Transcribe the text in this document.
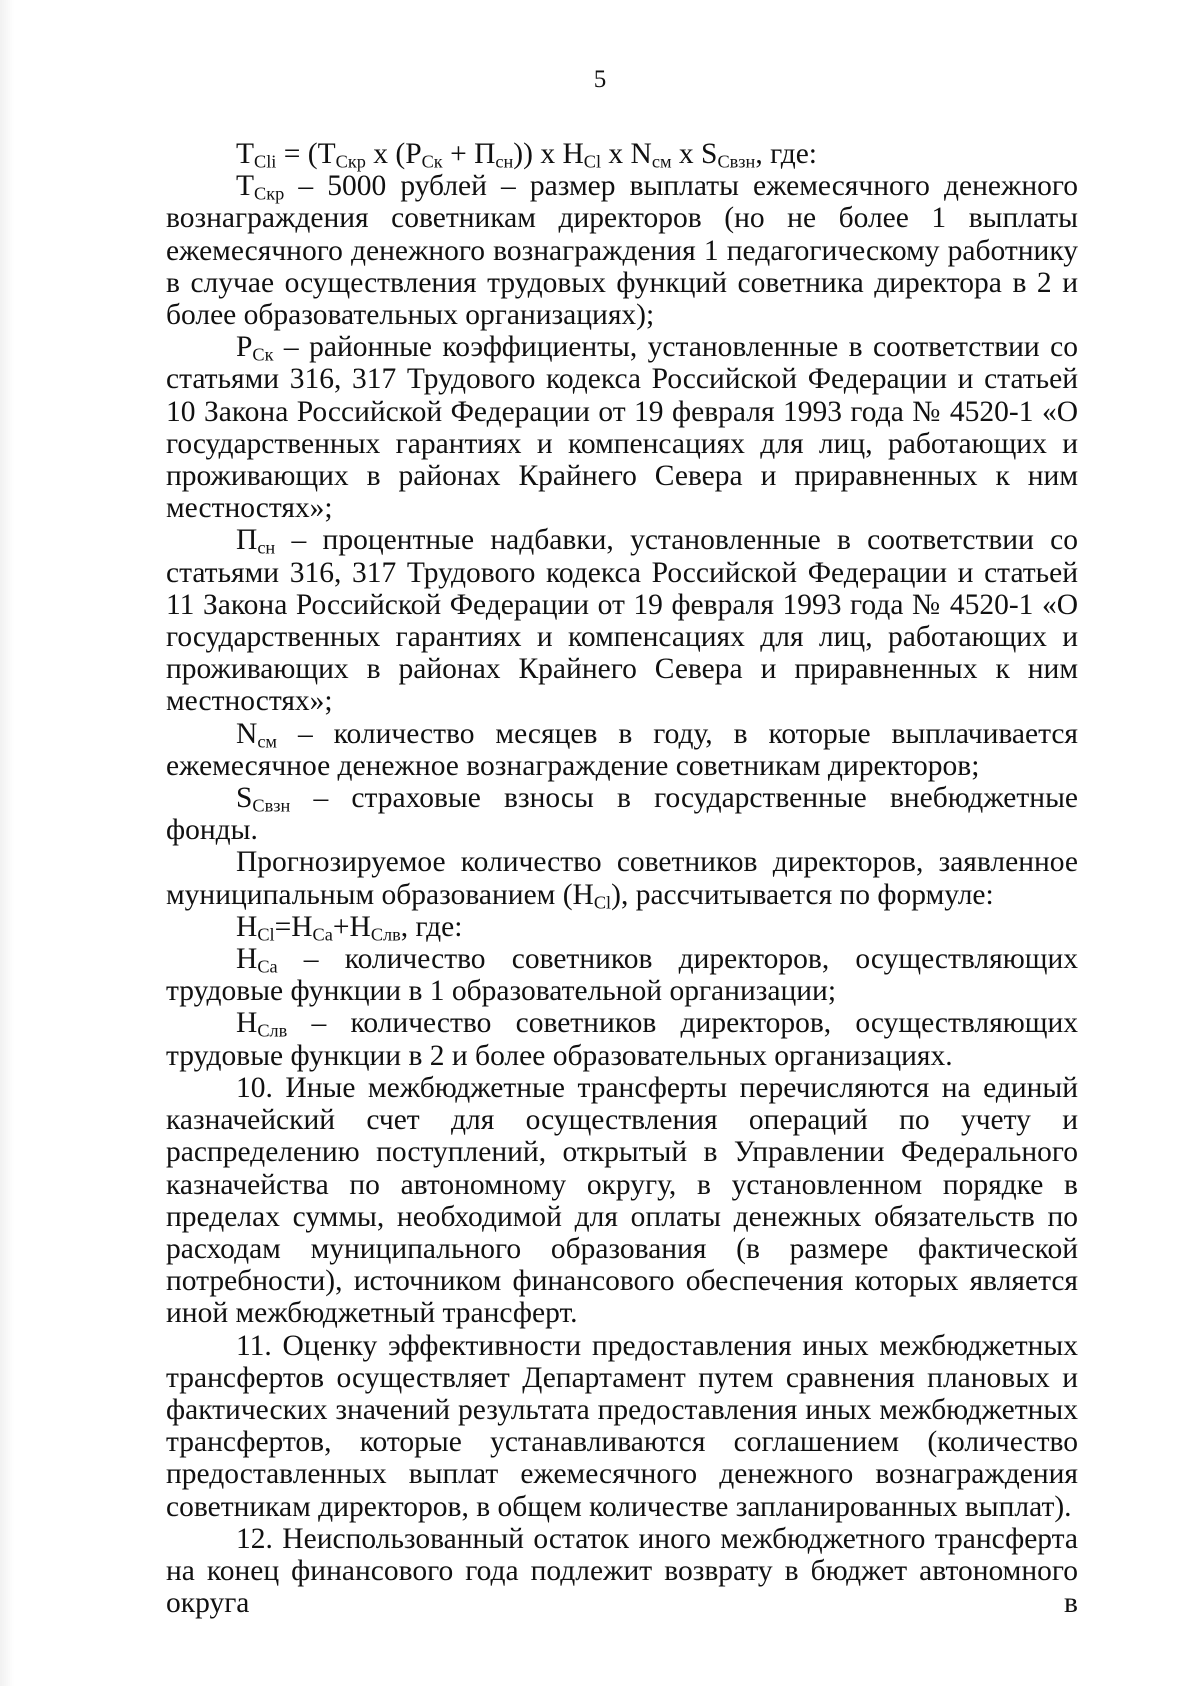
5

$Т_{Сli} = (Т_{Скр}$ х $(Р_{Ск} + П_{сн})$) х $Н_{Сl}$ х $N_{см}$ х $S_{Свзн}$, где:

$Т_{Скр} - 5000$ рублей – размер выплаты ежемесячного денежного вознаграждения советникам директоров (но не более 1 выплаты ежемесячного денежного вознаграждения 1 педагогическому работнику в случае осуществления трудовых функций советника директора в 2 и более образовательных организациях);

$Р_{Ск}$ – районные коэффициенты, установленные в соответствии со статьями 316, 317 Трудового кодекса Российской Федерации и статьей 10 Закона Российской Федерации от 19 февраля 1993 года № 4520-1 «О государственных гарантиях и компенсациях для лиц, работающих и проживающих в районах Крайнего Севера и приравненных к ним местностях»;

$П_{сн}$ – процентные надбавки, установленные в соответствии со статьями 316, 317 Трудового кодекса Российской Федерации и статьей 11 Закона Российской Федерации от 19 февраля 1993 года № 4520-1 «О государственных гарантиях и компенсациях для лиц, работающих и проживающих в районах Крайнего Севера и приравненных к ним местностях»;

$N_{см}$ – количество месяцев в году, в которые выплачивается ежемесячное денежное вознаграждение советникам директоров;

$S_{Свзн}$ – страховые взносы в государственные внебюджетные фонды.

Прогнозируемое количество советников директоров, заявленное муниципальным образованием $(Н_{Сl})$, рассчитывается по формуле:

$Н_{Сl}=Н_{Са}+Н_{Слв}$, где:

$Н_{Са}$ – количество советников директоров, осуществляющих трудовые функции в 1 образовательной организации;

$Н_{Слв}$ – количество советников директоров, осуществляющих трудовые функции в 2 и более образовательных организациях.

10. Иные межбюджетные трансферты перечисляются на единый казначейский счет для осуществления операций по учету и распределению поступлений, открытый в Управлении Федерального казначейства по автономному округу, в установленном порядке в пределах суммы, необходимой для оплаты денежных обязательств по расходам муниципального образования (в размере фактической потребности), источником финансового обеспечения которых является иной межбюджетный трансферт.

11. Оценку эффективности предоставления иных межбюджетных трансфертов осуществляет Департамент путем сравнения плановых и фактических значений результата предоставления иных межбюджетных трансфертов, которые устанавливаются соглашением (количество предоставленных выплат ежемесячного денежного вознаграждения советникам директоров, в общем количестве запланированных выплат).

12. Неиспользованный остаток иного межбюджетного трансферта на конец финансового года подлежит возврату в бюджет автономного округа в
